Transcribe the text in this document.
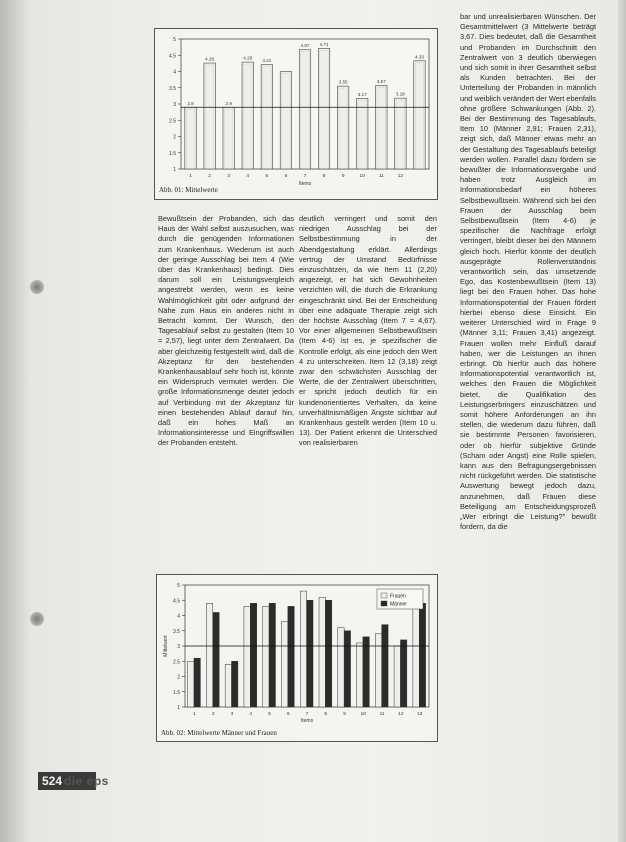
1
1.5
2
2.5
3
3.5
4
4.5
5
2.9
4.26
2.9
4.29
4.21
4.67 4.71
3.55
3.17
3.57
3.18
4.33
1	2	3	4	5	6	7	8	9	10	11	12
Items
Abb. 01: Mittelwerte
1
1.5
2
2.5
3
3.5
4
4.5
5
Mittelwert
1	2	3	4	5	6	7	8	9	10	11	12	13
Items
Frauen
Männer
Abb. 02: Mittelwerte Männer und Frauen

Bewußtsein der Probanden, sich das Haus der Wahl selbst auszusuchen, was durch die genügenden Informationen zum Krankenhaus. Wiederum ist auch der geringe Ausschlag bei Item 4 (Wie über das Krankenhaus) bedingt. Dies darum soll ein Leistungsvergleich angestrebt werden, wenn es keine Wahlmöglichkeit gibt oder aufgrund der Nähe zum Haus ein anderes nicht in Betracht kommt. Der Wunsch, den Tagesablauf selbst zu gestalten (Item 10 = 2,57), liegt unter dem Zentralwert. Da aber gleichzeitig festgestellt wird, daß die Akzeptanz für den bestehenden Krankenhausablauf sehr hoch ist, könnte ein Widerspruch vermutet werden. Die große Informationsmenge deutet jedoch auf Verbindung mit der Akzeptanz für einen bestehenden Ablauf darauf hin, daß ein hohes Maß an Informationsinteresse und Eingriffswillen der Probanden entsteht.

deutlich verringert und somit den niedrigen Ausschlag bei der Selbstbestimmung in der Abendgestaltung erklärt. Allerdings vertrug der Umstand Bedürfnisse einzuschätzen, da wie Item 11 (2,20) angezeigt, er hat sich Gewohnheiten verzichten will, die durch die Erkrankung eingeschränkt sind. Bei der Entscheidung über eine adäquate Therapie zeigt sich der höchste Ausschlag (Item 7 = 4,67). Vor einer allgemeinen Selbstbewußtsein (Item 4-6) ist es, je spezifischer die Kontrolle erfolgt, als eine jedoch den Wert 4 zu unterschreiten. Item 12 (3,18) zeigt zwar den schwächsten Ausschlag der Werte, die der Zentralwert überschritten, er spricht jedoch deutlich für ein kundenorientiertes Verhalten, da keine unverhältnismäßigen Ängste sichtbar auf Krankenhaus gestellt werden (Item 10 u. 13). Der Patient erkennt die Unterschied von realisierbaren

bar und unrealisierbaren Wünschen. Der Gesamtmittelwert (3 Mittelwerte beträgt 3,67. Dies bedeutet, daß die Gesamtheit und Probanden im Durchschnitt den Zentralwert von 3 deutlich überwiegen und sich somit in ihrer Gesamtheit selbst als Kunden betrachten. Bei der Unterteilung der Probanden in männlich und weiblich verändert der Wert ebenfalls ohne größere Schwankungen (Abb. 2). Bei der Bestimmung des Tagesablaufs, Item 10 (Männer 2,91; Frauen 2,31), zeigt sich, daß Männer etwas mehr an der Gestaltung des Tagesablaufs beteiligt werden wollen. Parallel dazu fördern sie bewußter die Informationsvergabe und haben trotz Ausgleich im Informationsbedarf ein höheres Selbstbewußtsein. Während sich bei den Frauen der Ausschlag beim Selbstbewußtsein (Item 4-6) je spezifischer die Nachfrage erfolgt verringert, bleibt dieser bei den Männern gleich hoch. Hierfür könnte der deutlich ausgeprägte Rollenverständnis verantwortlich sein, das umsetzende Ego, das Kostenbewußtsein (Item 13) liegt bei den Frauen höher. Das hohe Informationspotential der Frauen fördert hierbei ebenso diese Einsicht. Ein weiterer Unterschied wird in Frage 9 (Männer 3,11; Frauen 3,41) angezeigt. Frauen wollen mehr Einfluß darauf haben, wer die Leistungen an ihnen erbringt. Ob hierfür auch das höhere Informationspotential verantwortlich ist, welches den Frauen die Möglichkeit bietet, die Qualifikation des Leistungserbringers einzuschätzen und somit höhere Anforderungen an ihn stellen, die wiederum dazu führen, daß sie bestimmte Personen favorisieren, oder ob hierfür subjektive Gründe (Scham oder Angst) eine Rolle spielen, kann aus den Befragungsergebnissen nicht rückgeführt werden. Die statistische Auswertung bewegt jedoch dazu, anzunehmen, daß Frauen diese Beteiligung am Entscheidungsprozeß „Wer erbringt die Leistung?" bewußt fordern, da die

524 die eps
